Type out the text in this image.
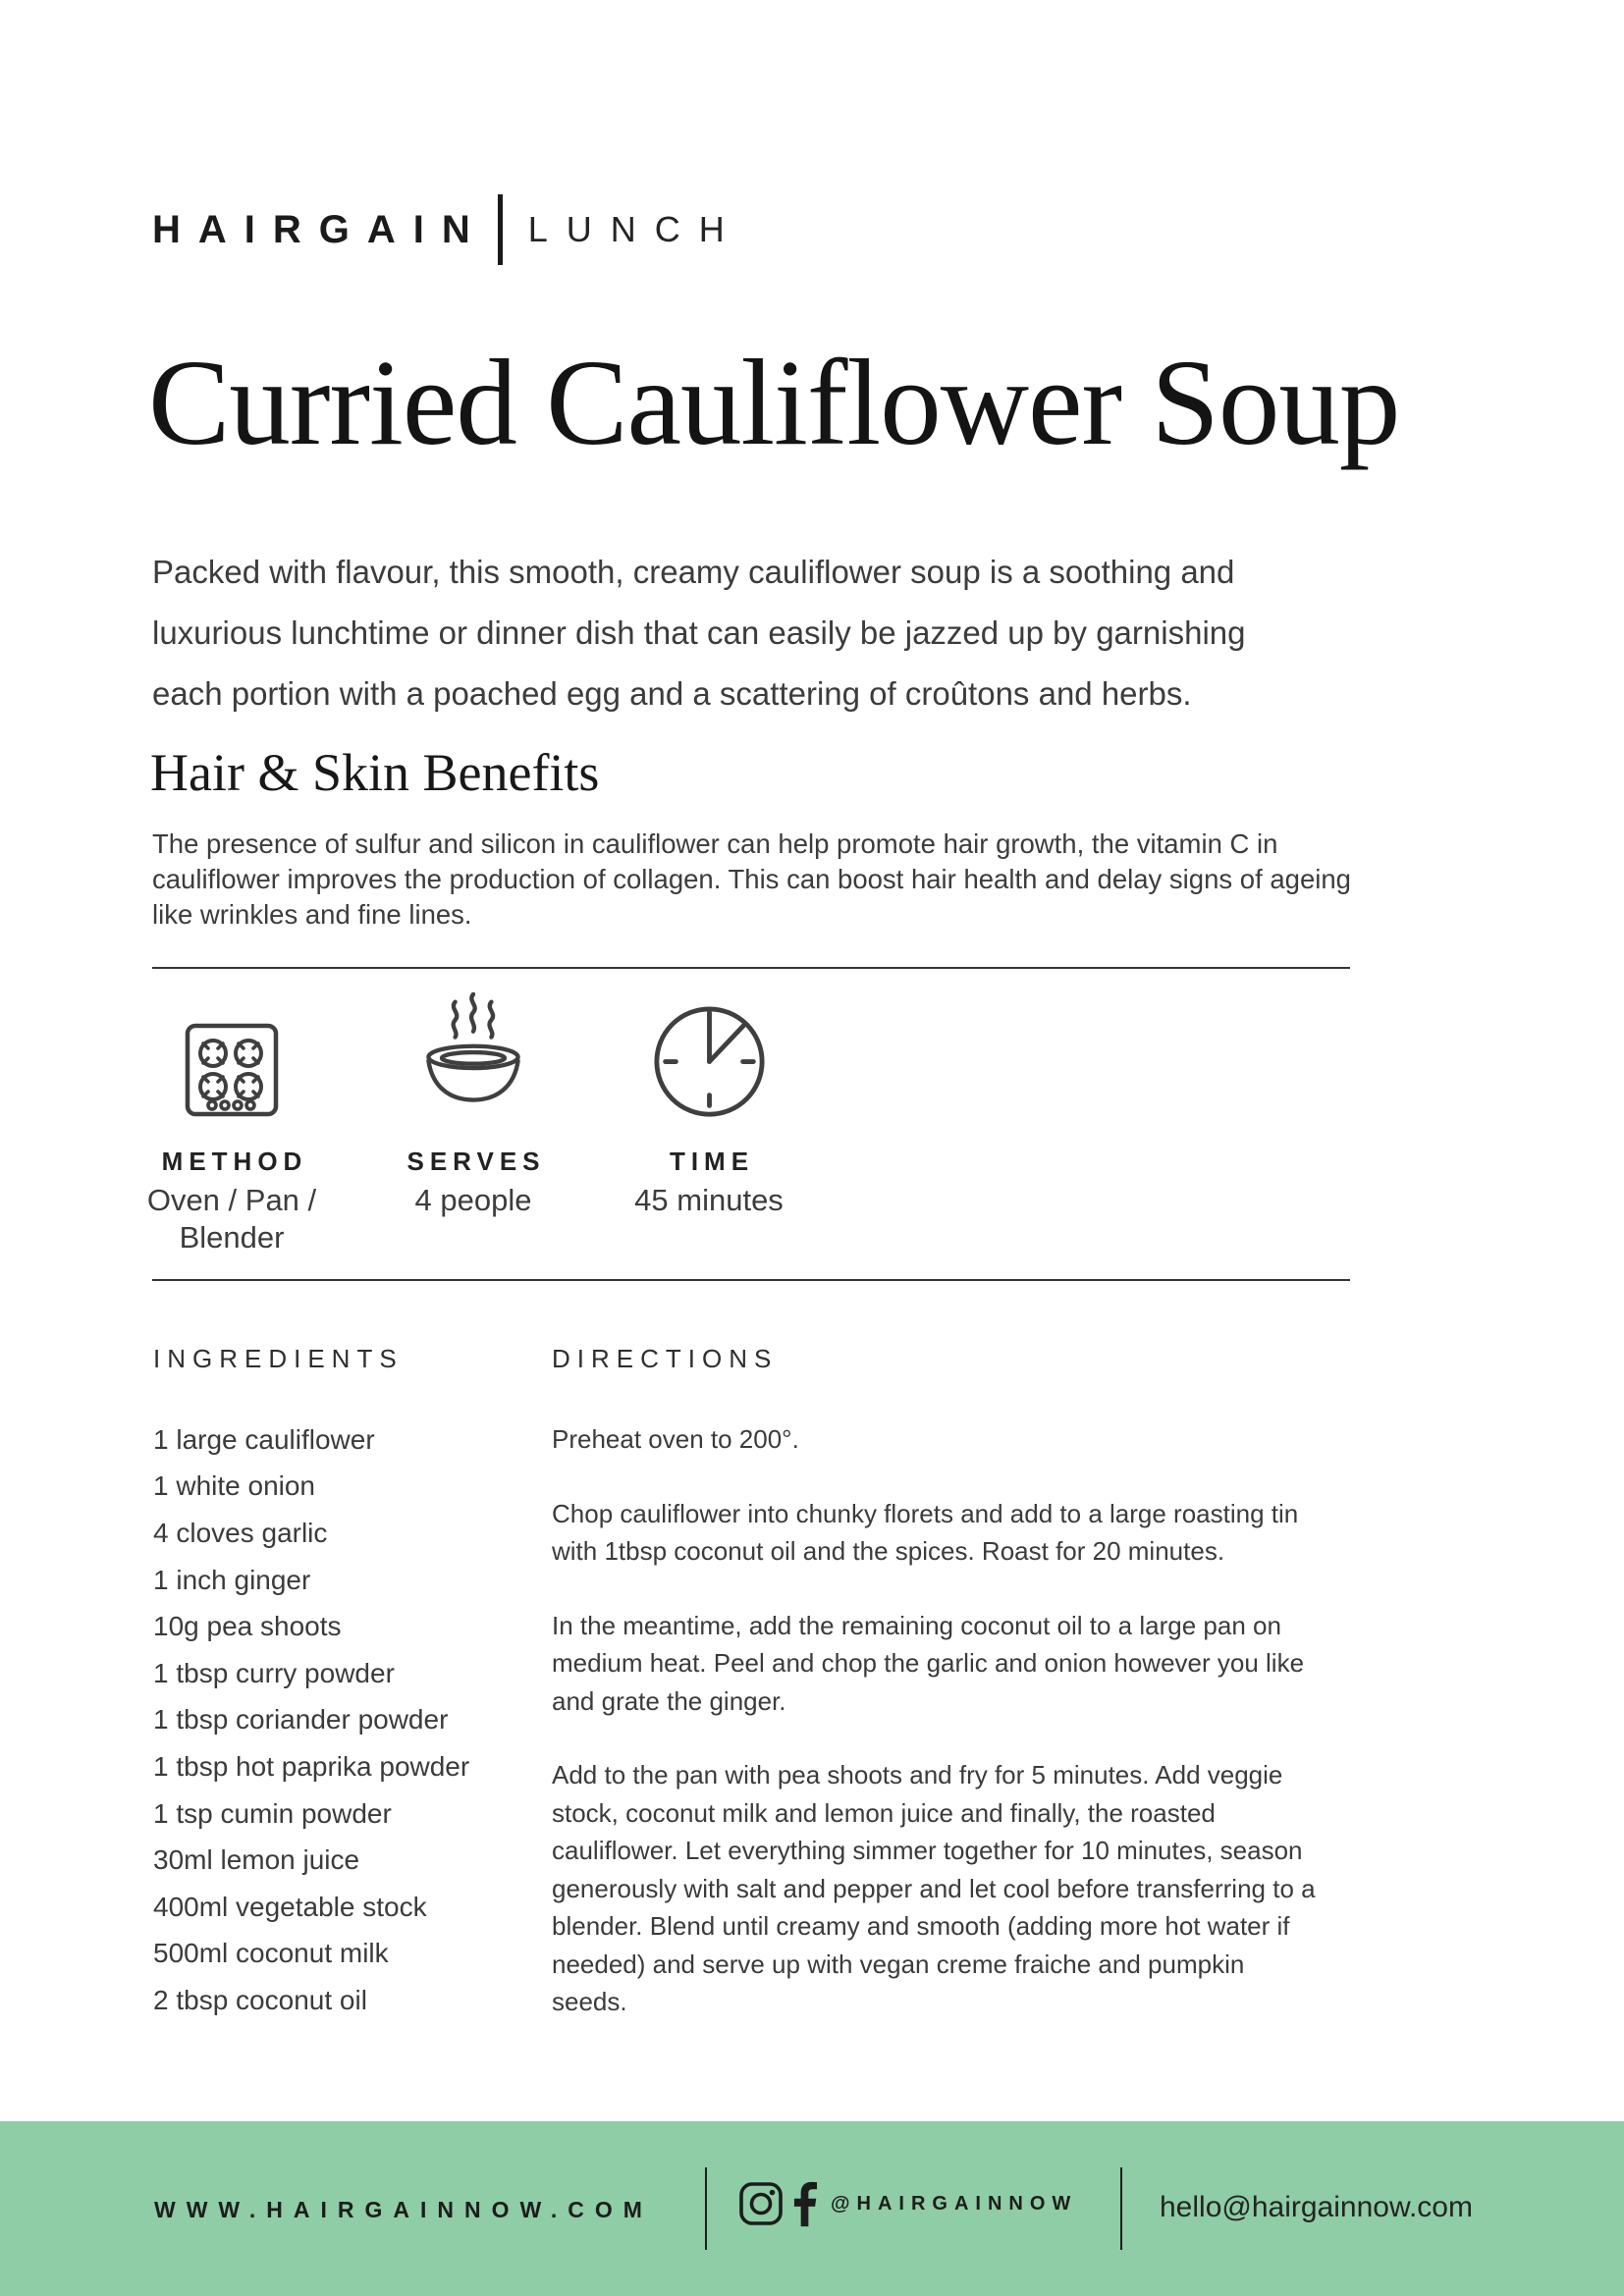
HAIRGAIN LUNCH
Curried Cauliflower Soup

Packed with flavour, this smooth, creamy cauliflower soup is a soothing and luxurious lunchtime or dinner dish that can easily be jazzed up by garnishing each portion with a poached egg and a scattering of croûtons and herbs.

Hair & Skin Benefits

The presence of sulfur and silicon in cauliflower can help promote hair growth, the vitamin C in cauliflower improves the production of collagen. This can boost hair health and delay signs of ageing like wrinkles and fine lines.

METHOD
Oven / Pan / Blender
SERVES
4 people
TIME
45 minutes
INGREDIENTS	DIRECTIONS
1 large cauliflower
1 white onion
4 cloves garlic
1 inch ginger
10g pea shoots
1 tbsp curry powder
1 tbsp coriander powder
1 tbsp hot paprika powder
1 tsp cumin powder
30ml lemon juice
400ml vegetable stock
500ml coconut milk
2 tbsp coconut oil

Preheat oven to 200°.

Chop cauliflower into chunky florets and add to a large roasting tin with 1tbsp coconut oil and the spices. Roast for 20 minutes.

In the meantime, add the remaining coconut oil to a large pan on medium heat. Peel and chop the garlic and onion however you like and grate the ginger.

Add to the pan with pea shoots and fry for 5 minutes. Add veggie stock, coconut milk and lemon juice and finally, the roasted cauliflower. Let everything simmer together for 10 minutes, season generously with salt and pepper and let cool before transferring to a blender. Blend until creamy and smooth (adding more hot water if needed) and serve up with vegan creme fraiche and pumpkin seeds.

WWW.HAIRGAINNOW.COM	@HAIRGAINNOW	hello@hairgainnow.com
